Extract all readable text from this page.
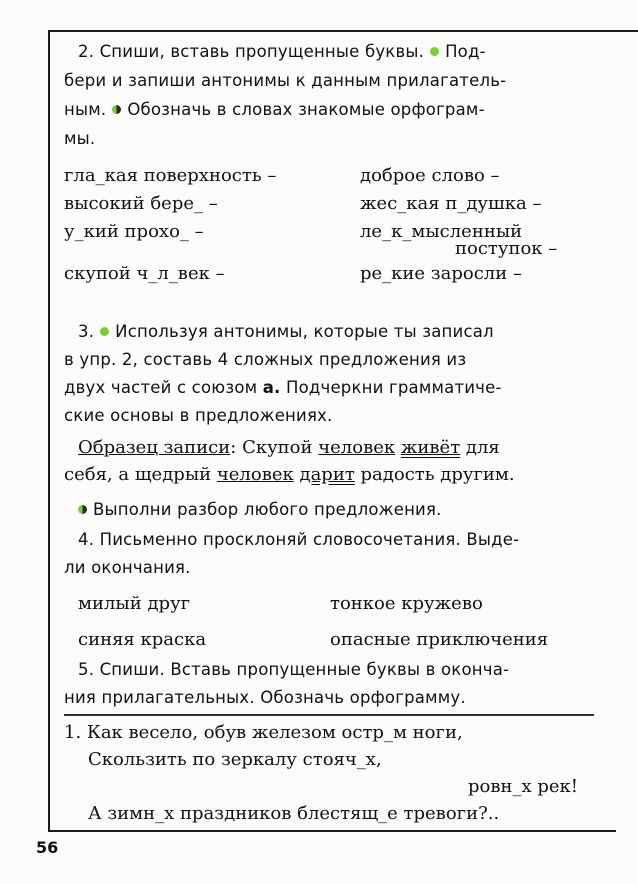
2. Спиши, вставь пропущенные буквы. Под-
бери и запиши антонимы к данным прилагатель-
ным. Обозначь в словах знакомые орфограм-
мы.
гла_кая поверхность –
высокий бере_ –
у_кий прохо_ –
скупой ч_л_век –
доброе слово –
жес_кая п_душка –
ле_к_мысленный
поступок –
ре_кие заросли –
3. Используя антонимы, которые ты записал
в упр. 2, составь 4 сложных предложения из
двух частей с союзом а. Подчеркни грамматиче-
ские основы в предложениях.
Образец записи: Скупой человек живёт для
себя, а щедрый человек дарит радость другим.
Выполни разбор любого предложения.
4. Письменно просклоняй словосочетания. Выде-
ли окончания.
милый друг	тонкое кружево
синяя краска	опасные приключения
5. Спиши. Вставь пропущенные буквы в оконча-
ния прилагательных. Обозначь орфограмму.
1. Как весело, обув железом остр_м ноги,
Скользить по зеркалу стояч_х,
ровн_х рек!
А зимн_х праздников блестящ_е тревоги?..
56
